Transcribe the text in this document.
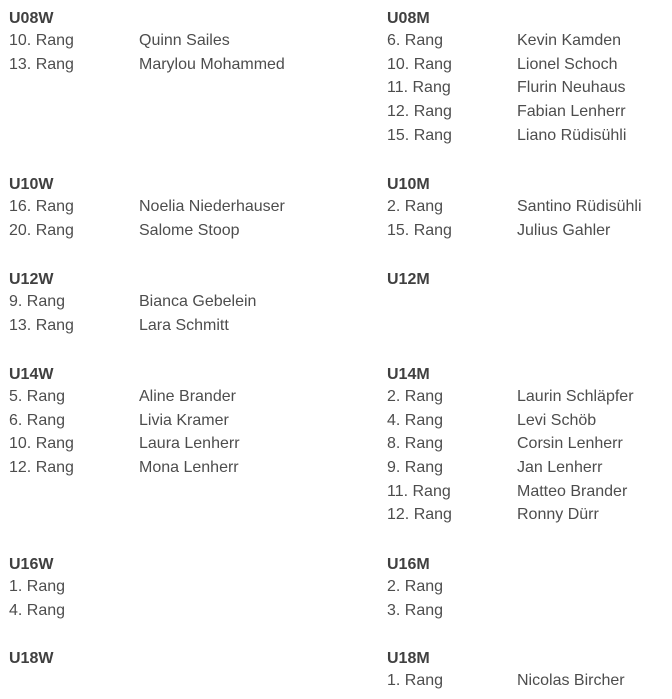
U08W
10. Rang	Quinn Sailes
13. Rang	Marylou Mohammed
U10W
16. Rang	Noelia Niederhauser
20. Rang	Salome Stoop
U12W
9. Rang	Bianca Gebelein
13. Rang	Lara Schmitt
U14W
5. Rang	Aline Brander
6. Rang	Livia Kramer
10. Rang	Laura Lenherr
12. Rang	Mona Lenherr
U16W
1. Rang
4. Rang
U18W
U08M
6. Rang	Kevin Kamden
10. Rang	Lionel Schoch
11. Rang	Flurin Neuhaus
12. Rang	Fabian Lenherr
15. Rang	Liano Rüdisühli
U10M
2. Rang	Santino Rüdisühli
15. Rang	Julius Gahler
U12M
U14M
2. Rang	Laurin Schläpfer
4. Rang	Levi Schöb
8. Rang	Corsin Lenherr
9. Rang	Jan Lenherr
11. Rang	Matteo Brander
12. Rang	Ronny Dürr
U16M
2. Rang
3. Rang
U18M
1. Rang	Nicolas Bircher
